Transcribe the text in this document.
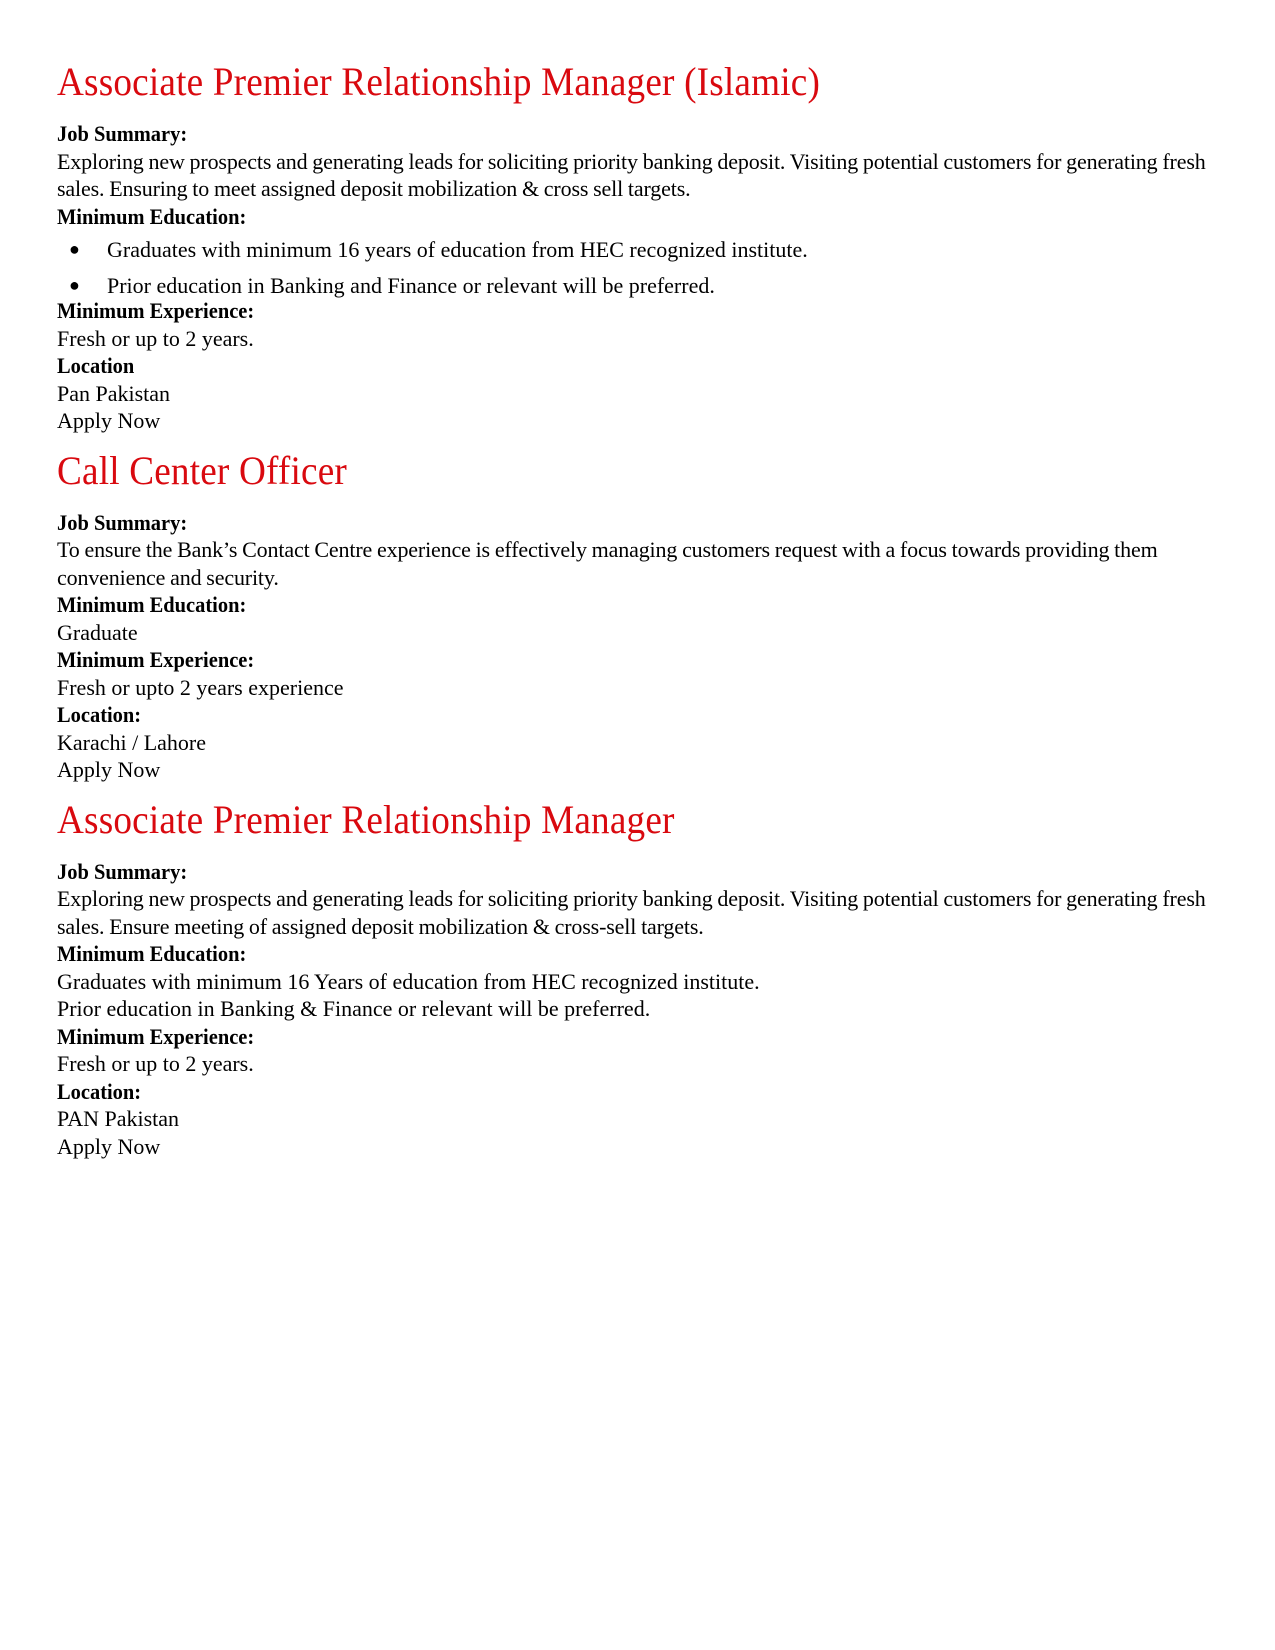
Associate Premier Relationship Manager (Islamic)
Job Summary:
Exploring new prospects and generating leads for soliciting priority banking deposit. Visiting potential customers for generating fresh sales. Ensuring to meet assigned deposit mobilization & cross sell targets.
Minimum Education:
● Graduates with minimum 16 years of education from HEC recognized institute.
● Prior education in Banking and Finance or relevant will be preferred.
Minimum Experience:
Fresh or up to 2 years.
Location
Pan Pakistan
Apply Now
Call Center Officer
Job Summary:
To ensure the Bank’s Contact Centre experience is effectively managing customers request with a focus towards providing them convenience and security.
Minimum Education:
Graduate
Minimum Experience:
Fresh or upto 2 years experience
Location:
Karachi / Lahore
Apply Now
Associate Premier Relationship Manager
Job Summary:
Exploring new prospects and generating leads for soliciting priority banking deposit. Visiting potential customers for generating fresh sales. Ensure meeting of assigned deposit mobilization & cross-sell targets.
Minimum Education:
Graduates with minimum 16 Years of education from HEC recognized institute.
Prior education in Banking & Finance or relevant will be preferred.
Minimum Experience:
Fresh or up to 2 years.
Location:
PAN Pakistan
Apply Now
